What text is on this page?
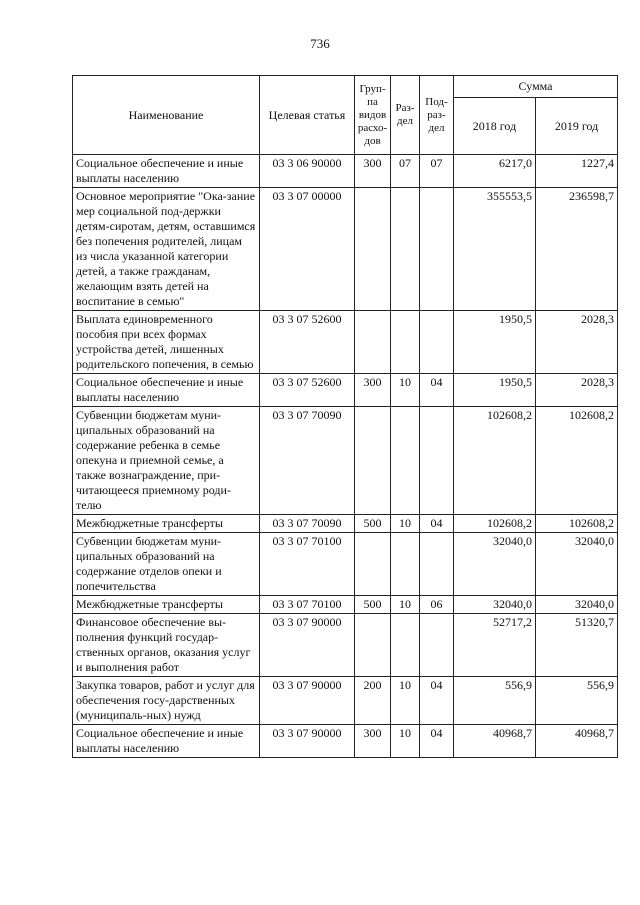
736
Наименование	Целевая статья	Груп-па видов расхо-дов	Раз-дел	Под-раз-дел	Сумма	
					2018 год	2019 год
Социальное обеспечение и иные выплаты населению	03 3 06 90000	300	07	07	6217,0	1227,4
Основное мероприятие "Ока-зание мер социальной под-держки детям-сиротам, детям, оставшимся без попечения родителей, лицам из числа указанной категории детей, а также гражданам, желающим взять детей на воспитание в семью"	03 3 07 00000				355553,5	236598,7
Выплата единовременного пособия при всех формах устройства детей, лишенных родительского попечения, в семью	03 3 07 52600				1950,5	2028,3
Социальное обеспечение и иные выплаты населению	03 3 07 52600	300	10	04	1950,5	2028,3
Субвенции бюджетам муни-ципальных образований на содержание ребенка в семье опекуна и приемной семье, а также вознаграждение, при-читающееся приемному роди-телю	03 3 07 70090				102608,2	102608,2
Межбюджетные трансферты	03 3 07 70090	500	10	04	102608,2	102608,2
Субвенции бюджетам муни-ципальных образований на содержание отделов опеки и попечительства	03 3 07 70100				32040,0	32040,0
Межбюджетные трансферты	03 3 07 70100	500	10	06	32040,0	32040,0
Финансовое обеспечение вы-полнения функций государ-ственных органов, оказания услуг и выполнения работ	03 3 07 90000				52717,2	51320,7
Закупка товаров, работ и услуг для обеспечения госу-дарственных (муниципаль-ных) нужд	03 3 07 90000	200	10	04	556,9	556,9
Социальное обеспечение и иные выплаты населению	03 3 07 90000	300	10	04	40968,7	40968,7
